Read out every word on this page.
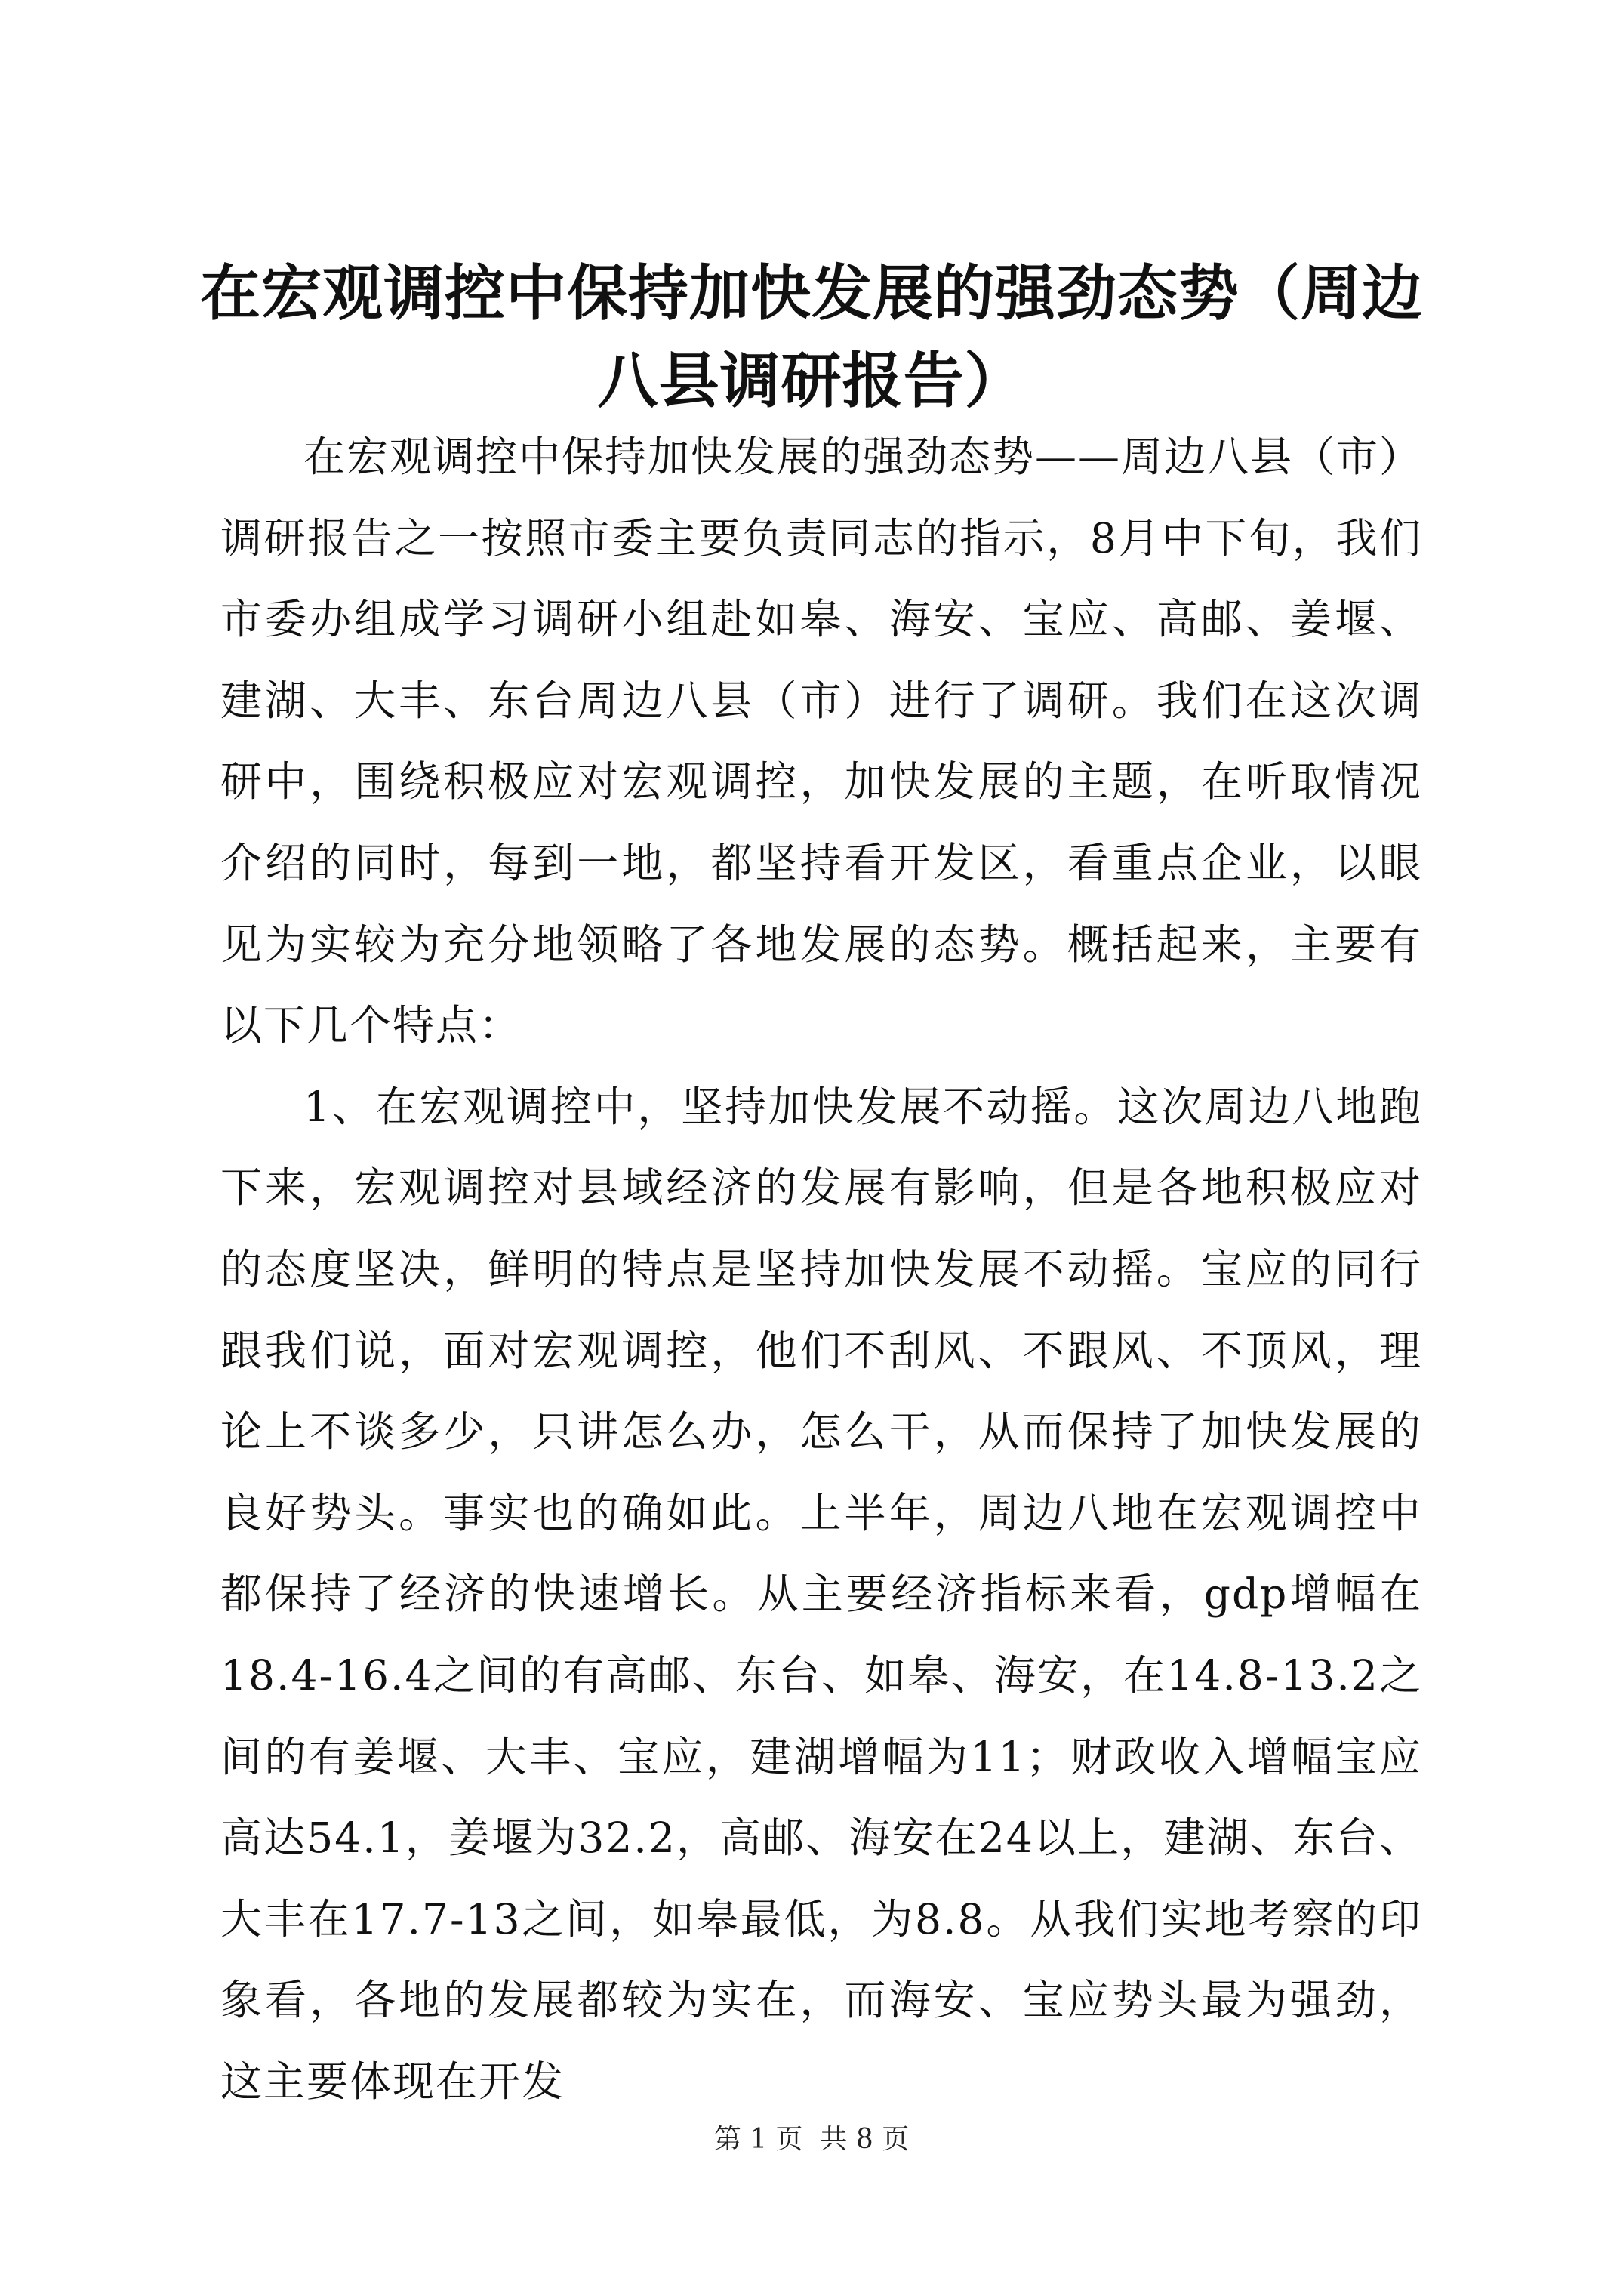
在宏观调控中保持加快发展的强劲态势（周边八县调研报告）

在宏观调控中保持加快发展的强劲态势——周边八县（市）调研报告之一按照市委主要负责同志的指示，8月中下旬，我们市委办组成学习调研小组赴如皋、海安、宝应、高邮、姜堰、建湖、大丰、东台周边八县（市）进行了调研。我们在这次调研中，围绕积极应对宏观调控，加快发展的主题，在听取情况介绍的同时，每到一地，都坚持看开发区，看重点企业，以眼见为实较为充分地领略了各地发展的态势。概括起来，主要有以下几个特点：

1、在宏观调控中，坚持加快发展不动摇。这次周边八地跑下来，宏观调控对县域经济的发展有影响，但是各地积极应对的态度坚决，鲜明的特点是坚持加快发展不动摇。宝应的同行跟我们说，面对宏观调控，他们不刮风、不跟风、不顶风，理论上不谈多少，只讲怎么办，怎么干，从而保持了加快发展的良好势头。事实也的确如此。上半年，周边八地在宏观调控中都保持了经济的快速增长。从主要经济指标来看，gdp增幅在18.4-16.4之间的有高邮、东台、如皋、海安，在14.8-13.2之间的有姜堰、大丰、宝应，建湖增幅为11；财政收入增幅宝应高达54.1，姜堰为32.2，高邮、海安在24以上，建湖、东台、大丰在17.7-13之间，如皋最低，为8.8。从我们实地考察的印象看，各地的发展都较为实在，而海安、宝应势头最为强劲，这主要体现在开发

第 1 页  共 8 页
